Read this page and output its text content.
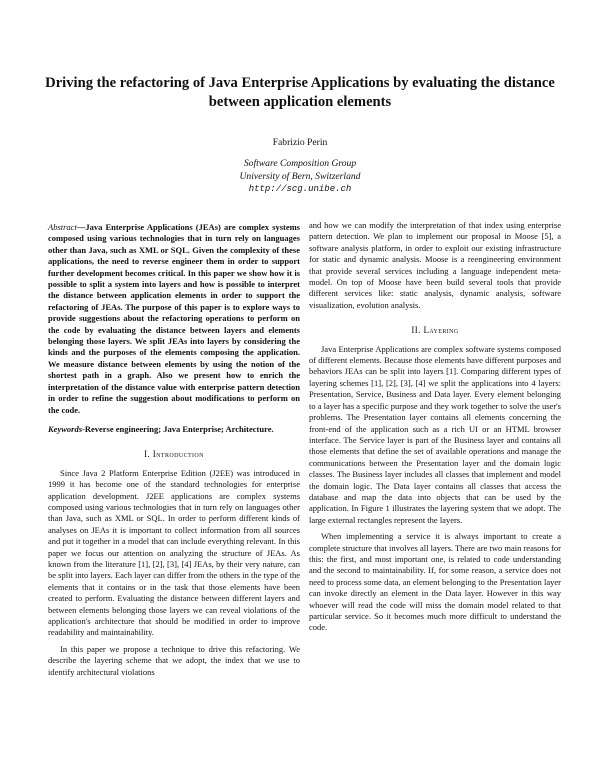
Driving the refactoring of Java Enterprise Applications by evaluating the distance between application elements
Fabrizio Perin
Software Composition Group
University of Bern, Switzerland
http://scg.unibe.ch

Abstract—Java Enterprise Applications (JEAs) are complex systems composed using various technologies that in turn rely on languages other than Java, such as XML or SQL. Given the complexity of these applications, the need to reverse engineer them in order to support further development becomes critical. In this paper we show how it is possible to split a system into layers and how is possible to interpret the distance between application elements in order to support the refactoring of JEAs. The purpose of this paper is to explore ways to provide suggestions about the refactoring operations to perform on the code by evaluating the distance between layers and elements belonging those layers. We split JEAs into layers by considering the kinds and the purposes of the elements composing the application. We measure distance between elements by using the notion of the shortest path in a graph. Also we present how to enrich the interpretation of the distance value with enterprise pattern detection in order to refine the suggestion about modifications to perform on the code.

Keywords-Reverse engineering; Java Enterprise; Architecture.

I. Introduction

Since Java 2 Platform Enterprise Edition (J2EE) was introduced in 1999 it has become one of the standard technologies for enterprise application development. J2EE applications are complex systems composed using various technologies that in turn rely on languages other than Java, such as XML or SQL. In order to perform different kinds of analyses on JEAs it is important to collect information from all sources and put it together in a model that can include everything relevant. In this paper we focus our attention on analyzing the structure of JEAs. As known from the literature [1], [2], [3], [4] JEAs, by their very nature, can be split into layers. Each layer can differ from the others in the type of the elements that it contains or in the task that those elements have been created to perform. Evaluating the distance between different layers and between elements belonging those layers we can reveal violations of the application's architecture that should be modified in order to improve readability and maintainability.

In this paper we propose a technique to drive this refactoring. We describe the layering scheme that we adopt, the index that we use to identify architectural violations

and how we can modify the interpretation of that index using enterprise pattern detection. We plan to implement our proposal in Moose [5], a software analysis platform, in order to exploit our existing infrastructure for static and dynamic analysis. Moose is a reengineering environment that provide several services including a language independent meta-model. On top of Moose have been build several tools that provide different services like: static analysis, dynamic analysis, software visualization, evolution analysis.

II. Layering

Java Enterprise Applications are complex software systems composed of different elements. Because those elements have different purposes and behaviors JEAs can be split into layers [1]. Comparing different types of layering schemes [1], [2], [3], [4] we split the applications into 4 layers: Presentation, Service, Business and Data layer. Every element belonging to a layer has a specific purpose and they work together to solve the user's problems. The Presentation layer contains all elements concerning the front-end of the application such as a rich UI or an HTML browser interface. The Service layer is part of the Business layer and contains all those elements that define the set of available operations and manage the communications between the Presentation layer and the domain logic classes. The Business layer includes all classes that implement and model the domain logic. The Data layer contains all classes that access the database and map the data into objects that can be used by the application. In Figure 1 illustrates the layering system that we adopt. The large external rectangles represent the layers.

When implementing a service it is always important to create a complete structure that involves all layers. There are two main reasons for this: the first, and most important one, is related to code understanding and the second to maintainability. If, for some reason, a service does not need to process some data, an element belonging to the Presentation layer can invoke directly an element in the Data layer. However in this way whoever will read the code will miss the domain model related to that particular service. So it becomes much more difficult to understand the code.
